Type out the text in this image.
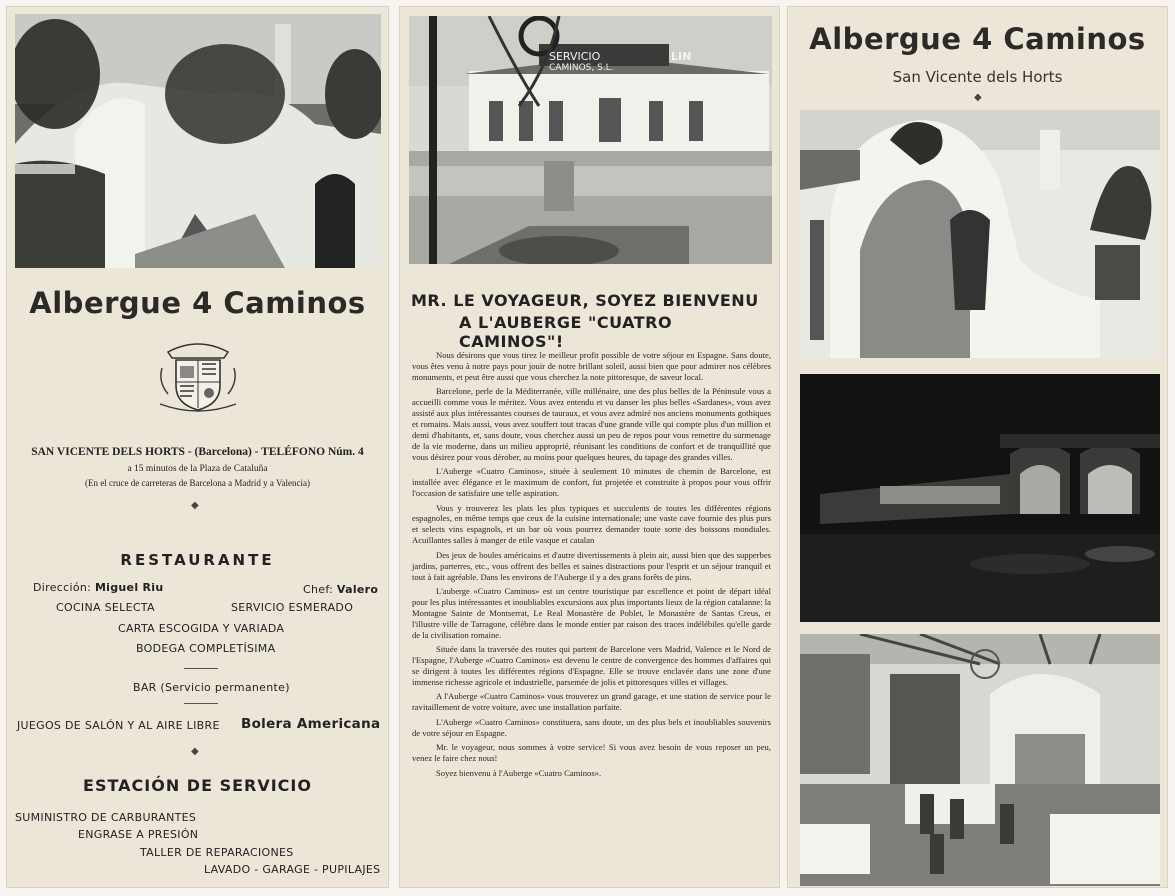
Albergue 4 Caminos
SAN VICENTE DELS HORTS - (Barcelona) - TELÉFONO Núm. 4
a 15 minutos de la Plaza de Cataluña
(En el cruce de carreteras de Barcelona a Madrid y a Valencia)
◆
RESTAURANTE
Dirección: Miguel Riu	Chef: Valero
COCINA SELECTA	SERVICIO ESMERADO
CARTA ESCOGIDA Y VARIADA
BODEGA COMPLETÍSIMA
BAR (Servicio permanente)
JUEGOS DE SALÓN Y AL AIRE LIBRE Bolera Americana
◆
ESTACIÓN DE SERVICIO
SUMINISTRO DE CARBURANTES
ENGRASE A PRESIÓN
TALLER DE REPARACIONES
LAVADO - GARAGE - PUPILAJES
SERVICIO
CAMINOS, S.L.
LIN
MR. LE VOYAGEUR, SOYEZ BIENVENU
A L'AUBERGE "CUATRO CAMINOS"!

Nous désirons que vous tirez le meilleur profit possible de votre séjour en Espagne. Sans doute, vous êtes venu à notre pays pour jouir de notre brillant soleil, aussi bien que pour admirer nos célèbres monuments, et peut être aussi que vous cherchez la note pittoresque, de saveur local.

Barcelone, perle de la Méditerranée, ville millénaire, une des plus belles de la Péninsule vous a accueilli comme vous le méritez. Vous avez entendu et vu danser les plus belles «Sardanes», vous avez assisté aux plus intéressantes courses de tauraux, et vous avez admiré nos anciens monuments gothiques et romains. Mais aussi, vous avez souffert tout tracas d'une grande ville qui compte plus d'un million et demi d'habitants, et, sans doute, vous cherchez aussi un peu de repos pour vous remettre du surmenage de la vie moderne, dans un milieu approprié, réunisant les conditions de confort et de tranquillité que vous désirez pour vous dérober, au moins pour quelques heures, du tapage des grandes villes.

L'Auberge «Cuatro Caminos», située à seulement 10 minutes de chemin de Barcelone, est installée avec élégance et le maximum de confort, fut projetée et construite à propos pour vous offrir l'occasion de satisfaire une telle aspiration.

Vous y trouverez les plats les plus typiques et succulents de toutes les différentes régions espagnoles, en même temps que ceux de la cuisine internationale; une vaste cave fournie des plus purs et selects vins espagnols, et un bar où vous pourrez demander toute sorte des boissons mondiales. Acuillantes salles à manger de etile vasque et catalan

Des jeux de boules américains et d'autre divertissements à plein air, aussi bien que des supperbes jardins, parterres, etc., vous offrent des belles et saines distractions pour l'esprit et un séjour tranquil et tout à fait agréable. Dans les environs de l'Auberge il y a des grans forêts de pins.

L'auberge «Cuatro Caminos» est un centre touristique par excellence et point de départ idéal pour les plus intéressantes et inoubliables excursions aux plus importants lieux de la région catalanne: la Montagne Sainte de Montserrat, Le Real Monastère de Poblet, le Monastère de Santas Creus, et l'illustre ville de Tarragone, célèbre dans le monde entier par raison des traces indélébiles qu'elle garde de la civilisation romaine.

Située dans la traversée des routes qui partent de Barcelone vers Madrid, Valence et le Nord de l'Espagne, l'Auberge «Cuatro Caminos» est devenu le centre de convergence des hommes d'affaires qui se dirigent à toutes les différentes régions d'Espagne. Elle se trouve enclavée dans une zone d'une immense richesse agricole et industrielle, parsemée de jolis et pittoresques villes et villages.

A l'Auberge «Cuatro Caminos» vous trouverez un grand garage, et une station de service pour le ravitaillement de votre voiture, avec une installation parfaite.

L'Auberge «Cuatro Caminos» constituera, sans doute, un des plus bels et inoubliables souvenirs de votre séjour en Espagne.

Mr. le voyageur, nous sommes à votre service! Si vous avez besoin de vous reposer un peu, venez le faire chez nous!

Soyez bienvenu à l'Auberge «Cuatro Caminos».

Albergue 4 Caminos
San Vicente dels Horts
◆
